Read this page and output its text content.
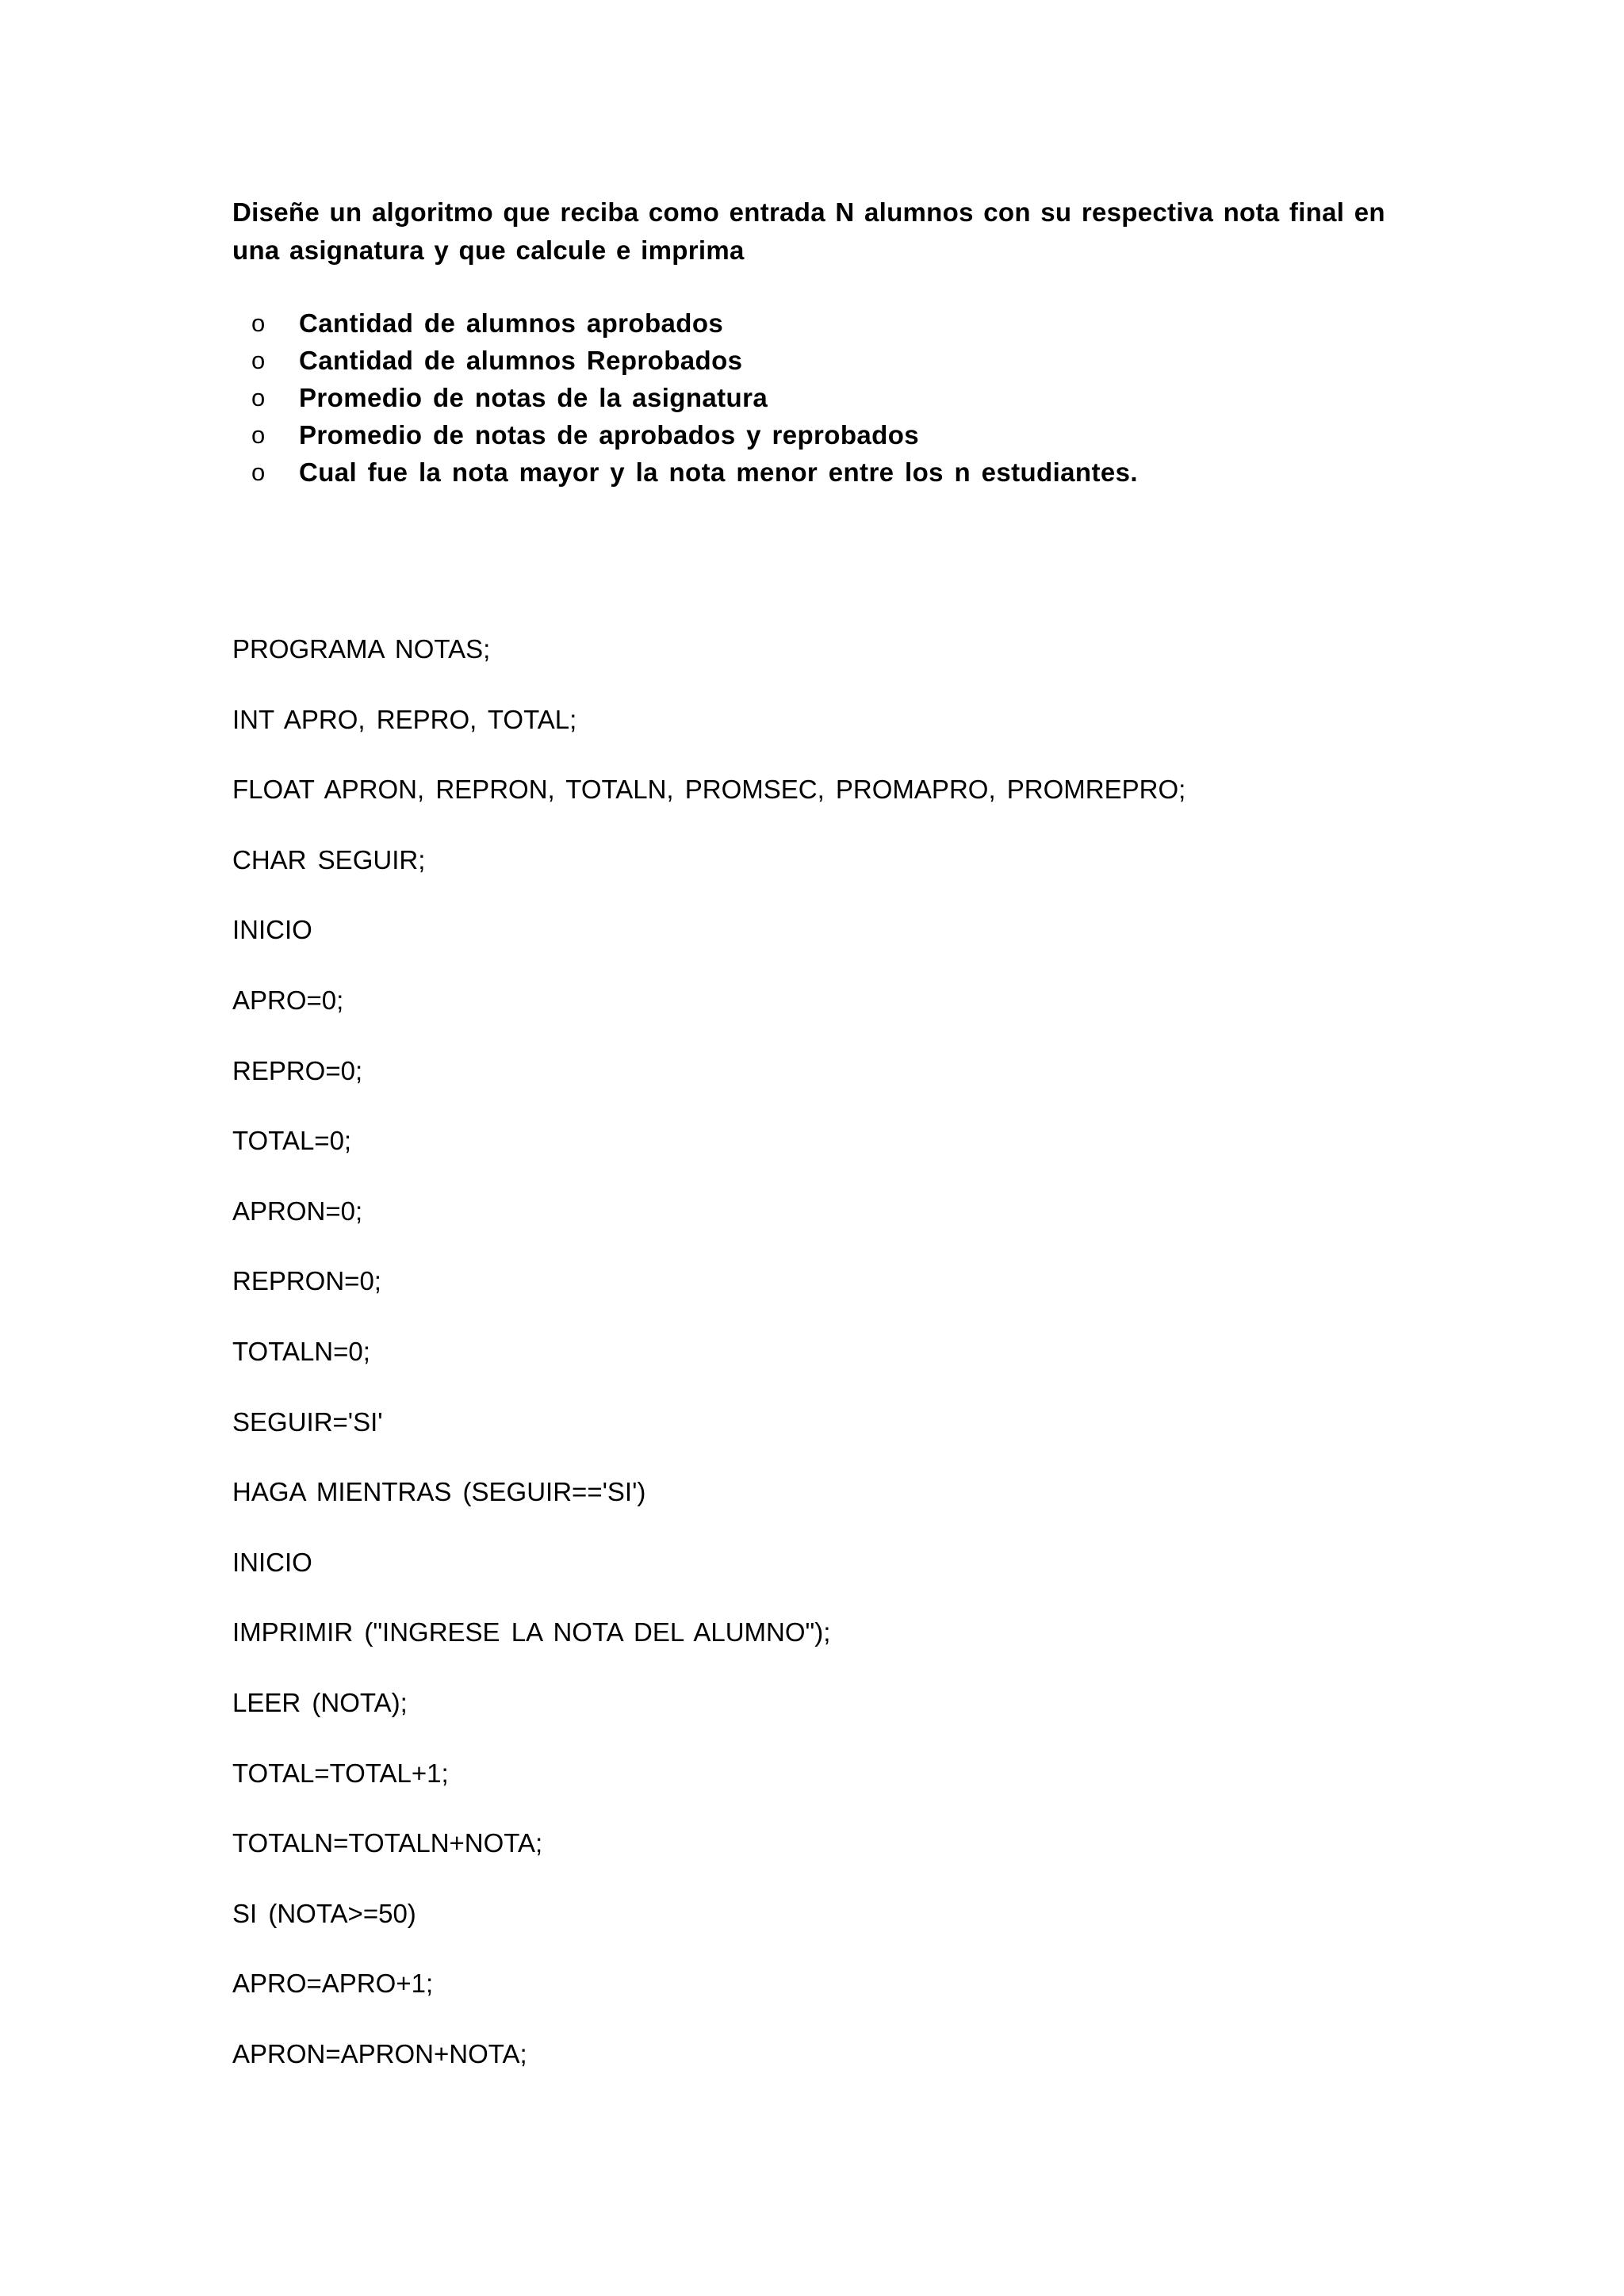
Diseñe un algoritmo que reciba como entrada N alumnos con su respectiva nota final en
una asignatura y que calcule e imprima

o Cantidad de alumnos aprobados
o Cantidad de alumnos Reprobados
o Promedio de notas de la asignatura
o Promedio de notas de aprobados y reprobados
o Cual fue la nota mayor y la nota menor entre los n estudiantes.
PROGRAMA NOTAS;
INT APRO, REPRO, TOTAL;
FLOAT APRON, REPRON, TOTALN, PROMSEC, PROMAPRO, PROMREPRO;
CHAR SEGUIR;
INICIO
APRO=0;
REPRO=0;
TOTAL=0;
APRON=0;
REPRON=0;
TOTALN=0;
SEGUIR='SI'
HAGA MIENTRAS (SEGUIR=='SI')
INICIO
IMPRIMIR ("INGRESE LA NOTA DEL ALUMNO");
LEER (NOTA);
TOTAL=TOTAL+1;
TOTALN=TOTALN+NOTA;
SI (NOTA>=50)
APRO=APRO+1;
APRON=APRON+NOTA;
